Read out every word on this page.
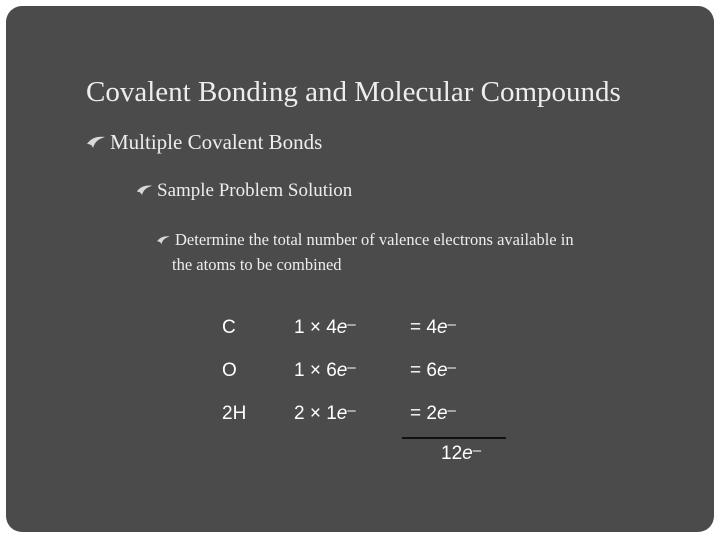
Covalent Bonding and Molecular Compounds
Multiple Covalent Bonds
Sample Problem Solution
Determine the total number of valence electrons available in
the atoms to be combined
C	1 × 4e–	= 4e–
O	1 × 6e–	= 6e–
2H	2 × 1e–	= 2e–
12e–
